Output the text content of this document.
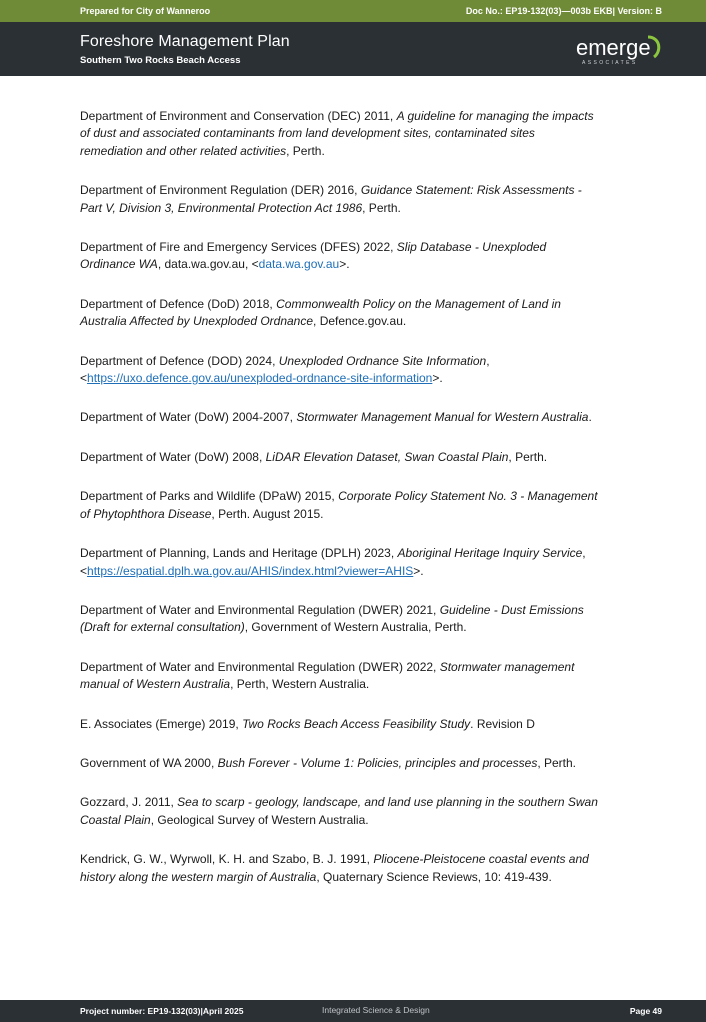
Prepared for City of Wanneroo	Doc No.: EP19-132(03)—003b EKB| Version: B
Foreshore Management Plan
Southern Two Rocks Beach Access
emerge
ASSOCIATES

Department of Environment and Conservation (DEC) 2011, A guideline for managing the impacts of dust and associated contaminants from land development sites, contaminated sites remediation and other related activities, Perth.

Department of Environment Regulation (DER) 2016, Guidance Statement: Risk Assessments - Part V, Division 3, Environmental Protection Act 1986, Perth.

Department of Fire and Emergency Services (DFES) 2022, Slip Database - Unexploded Ordinance WA, data.wa.gov.au, <data.wa.gov.au>.

Department of Defence (DoD) 2018, Commonwealth Policy on the Management of Land in Australia Affected by Unexploded Ordnance, Defence.gov.au.

Department of Defence (DOD) 2024, Unexploded Ordnance Site Information, <https://uxo.defence.gov.au/unexploded-ordnance-site-information>.

Department of Water (DoW) 2004-2007, Stormwater Management Manual for Western Australia.

Department of Water (DoW) 2008, LiDAR Elevation Dataset, Swan Coastal Plain, Perth.

Department of Parks and Wildlife (DPaW) 2015, Corporate Policy Statement No. 3 - Management of Phytophthora Disease, Perth. August 2015.

Department of Planning, Lands and Heritage (DPLH) 2023, Aboriginal Heritage Inquiry Service, <https://espatial.dplh.wa.gov.au/AHIS/index.html?viewer=AHIS>.

Department of Water and Environmental Regulation (DWER) 2021, Guideline - Dust Emissions (Draft for external consultation), Government of Western Australia, Perth.

Department of Water and Environmental Regulation (DWER) 2022, Stormwater management manual of Western Australia, Perth, Western Australia.

E. Associates (Emerge) 2019, Two Rocks Beach Access Feasibility Study. Revision D

Government of WA 2000, Bush Forever - Volume 1: Policies, principles and processes, Perth.

Gozzard, J. 2011, Sea to scarp - geology, landscape, and land use planning in the southern Swan Coastal Plain, Geological Survey of Western Australia.

Kendrick, G. W., Wyrwoll, K. H. and Szabo, B. J. 1991, Pliocene-Pleistocene coastal events and history along the western margin of Australia, Quaternary Science Reviews, 10: 419-439.

Project number: EP19-132(03)|April 2025	Integrated Science & Design	Page 49
